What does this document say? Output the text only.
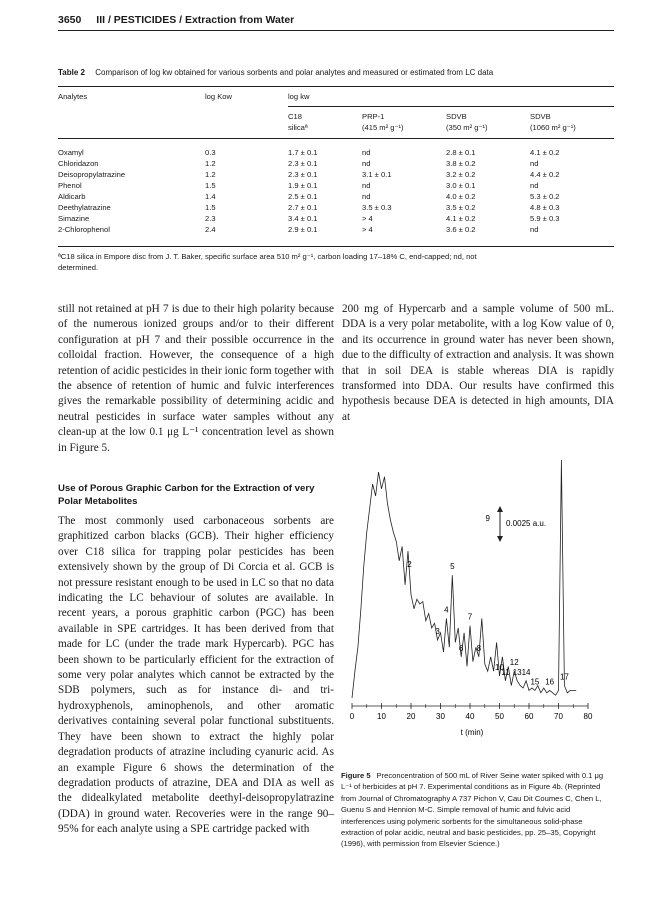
3650 III / PESTICIDES / Extraction from Water
Table 2 Comparison of log kw obtained for various sorbents and polar analytes and measured or estimated from LC data
Analytes	log Kow	log kw
C18	PRP-1	SDVB	SDVB
silicaª	(415 m² g⁻¹)	(350 m² g⁻¹)	(1060 m² g⁻¹)
Oxamyl	0.3	1.7 ± 0.1	nd	2.8 ± 0.1	4.1 ± 0.2
Chloridazon	1.2	2.3 ± 0.1	nd	3.8 ± 0.2	nd
Deisopropylatrazine	1.2	2.3 ± 0.1	3.1 ± 0.1	3.2 ± 0.2	4.4 ± 0.2
Phenol	1.5	1.9 ± 0.1	nd	3.0 ± 0.1	nd
Aldicarb	1.4	2.5 ± 0.1	nd	4.0 ± 0.2	5.3 ± 0.2
Deethylatrazine	1.5	2.7 ± 0.1	3.5 ± 0.3	3.5 ± 0.2	4.8 ± 0.3
Simazine	2.3	3.4 ± 0.1	> 4	4.1 ± 0.2	5.9 ± 0.3
2-Chlorophenol	2.4	2.9 ± 0.1	> 4	3.6 ± 0.2	nd
ªC18 silica in Empore disc from J. T. Baker, specific surface area 510 m² g⁻¹, carbon loading 17–18% C, end-capped; nd, not
determined.

still not retained at pH 7 is due to their high polarity because of the numerous ionized groups and/or to their different configuration at pH 7 and their possible occurrence in the colloidal fraction. However, the consequence of a high retention of acidic pesticides in their ionic form together with the absence of retention of humic and fulvic interferences gives the remarkable possibility of determining acidic and neutral pesticides in surface water samples without any clean-up at the low 0.1 μg L⁻¹ concentration level as shown in Figure 5.

Use of Porous Graphic Carbon for the Extraction of very Polar Metabolites

The most commonly used carbonaceous sorbents are graphitized carbon blacks (GCB). Their higher efficiency over C18 silica for trapping polar pesticides has been extensively shown by the group of Di Corcia et al. GCB is not pressure resistant enough to be used in LC so that no data indicating the LC behaviour of solutes are available. In recent years, a porous graphitic carbon (PGC) has been available in SPE cartridges. It has been derived from that made for LC (under the trade mark Hypercarb). PGC has been shown to be particularly efficient for the extraction of some very polar analytes which cannot be extracted by the SDB polymers, such as for instance di- and tri-hydroxyphenols, aminophenols, and other aromatic derivatives containing several polar functional substituents. They have been shown to extract the highly polar degradation products of atrazine including cyanuric acid. As an example Figure 6 shows the determination of the degradation products of atrazine, DEA and DIA as well as the didealkylated metabolite deethyl-deisopropylatrazine (DDA) in ground water. Recoveries were in the range 90–95% for each analyte using a SPE cartridge packed with

200 mg of Hypercarb and a sample volume of 500 mL. DDA is a very polar metabolite, with a log Kow value of 0, and its occurrence in ground water has never been shown, due to the difficulty of extraction and analysis. It was shown that in soil DEA is stable whereas DIA is rapidly transformed into DDA. Our results have confirmed this hypothesis because DEA is detected in high amounts, DIA at

0	10	20	30	40	50	60	70	80
2
3
4
5
6
7
8
9
10
11
12
13 14
15 16
17
0.0025 a.u.
t (min)
Figure 5 Preconcentration of 500 mL of River Seine water spiked with 0.1 μg L⁻¹ of herbicides at pH 7. Experimental conditions as in Figure 4b. (Reprinted from Journal of Chromatography A 737 Pichon V, Cau Dit Coumes C, Chen L, Guenu S and Hennion M-C. Simple removal of humic and fulvic acid interferences using polymeric sorbents for the simultaneous solid-phase extraction of polar acidic, neutral and basic pesticides, pp. 25–35, Copyright (1996), with permission from Elsevier Science.)
